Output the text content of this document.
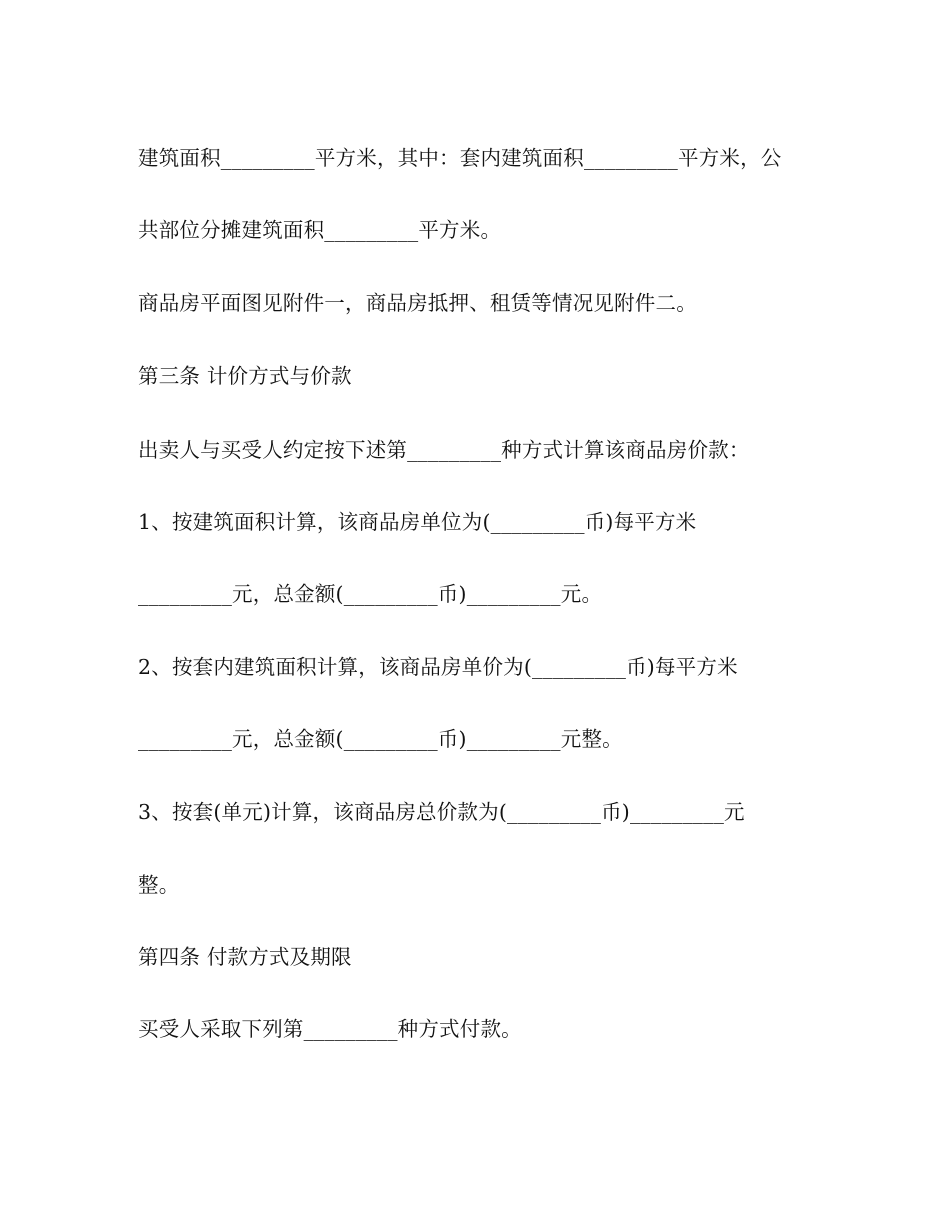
建筑面积_________平方米，其中：套内建筑面积_________平方米，公
共部位分摊建筑面积_________平方米。
商品房平面图见附件一，商品房抵押、租赁等情况见附件二。
第三条 计价方式与价款
出卖人与买受人约定按下述第_________种方式计算该商品房价款：
1、按建筑面积计算，该商品房单位为(_________币)每平方米
_________元，总金额(_________币)_________元。
2、按套内建筑面积计算，该商品房单价为(_________币)每平方米
_________元，总金额(_________币)_________元整。
3、按套(单元)计算，该商品房总价款为(_________币)_________元
整。
第四条 付款方式及期限
买受人采取下列第_________种方式付款。
